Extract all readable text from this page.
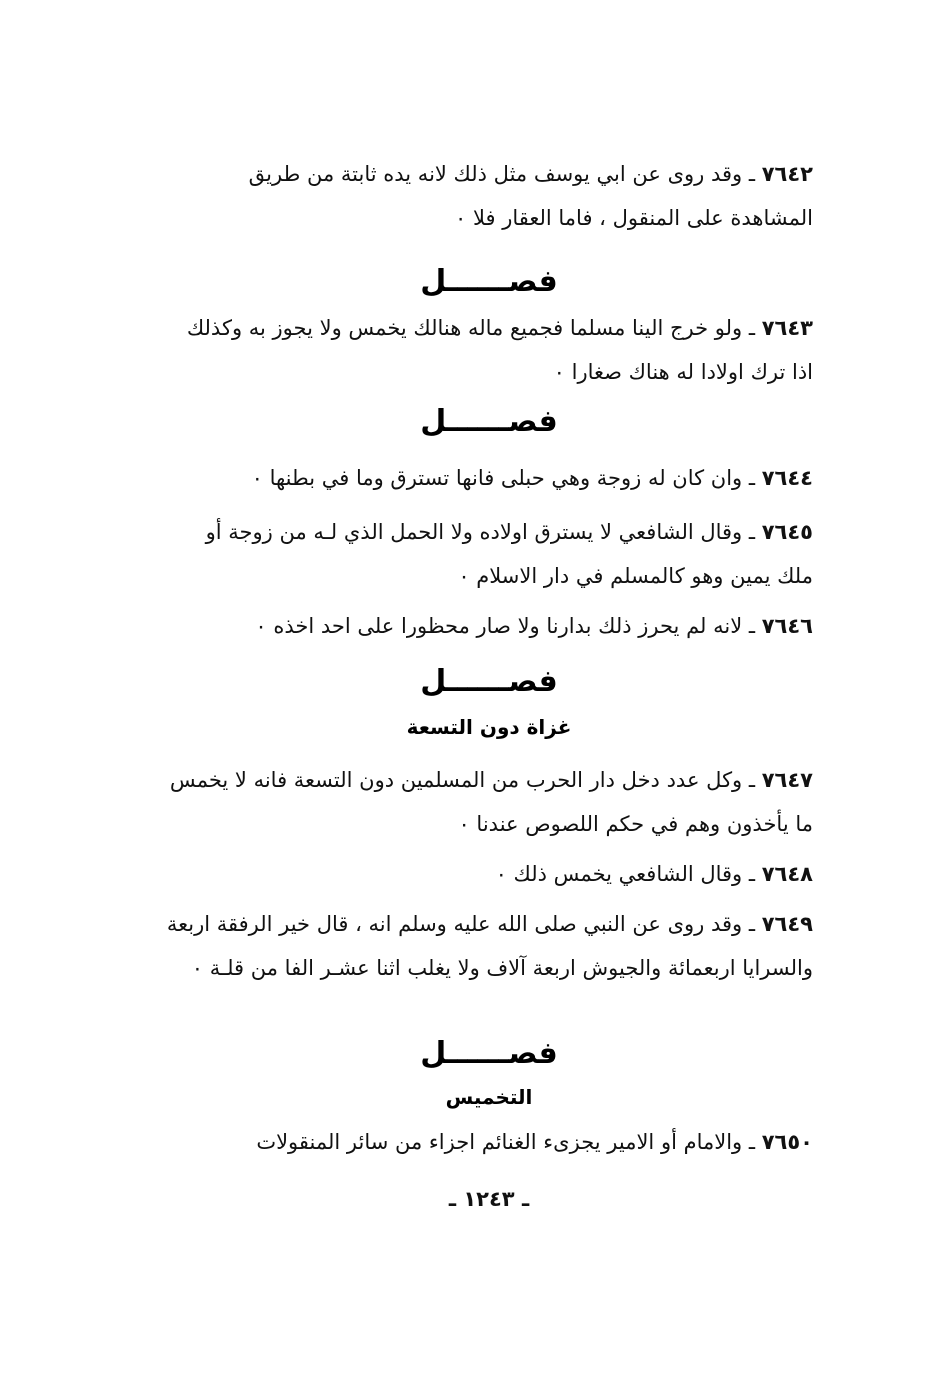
٧٦٤٢ ـ وقد روى عن ابي يوسف مثل ذلك لانه يده ثابتة من طريق المشاهدة على المنقول ، فاما العقار فلا ٠

فصــــــل

٧٦٤٣ ـ ولو خرج الينا مسلما فجميع ماله هنالك يخمس ولا يجوز به وكذلك اذا ترك اولادا له هناك صغارا ٠

فصــــــل

٧٦٤٤ ـ وان كان له زوجة وهي حبلى فانها تسترق وما في بطنها ٠

٧٦٤٥ ـ وقال الشافعي لا يسترق اولاده ولا الحمل الذي لـه من زوجة أو ملك يمين وهو كالمسلم في دار الاسلام ٠

٧٦٤٦ ـ لانه لم يحرز ذلك بدارنا ولا صار محظورا على احد اخذه ٠

فصــــــل
غزاة دون التسعة

٧٦٤٧ ـ وكل عدد دخل دار الحرب من المسلمين دون التسعة فانه لا يخمس ما يأخذون وهم في حكم اللصوص عندنا ٠

٧٦٤٨ ـ وقال الشافعي يخمس ذلك ٠

٧٦٤٩ ـ وقد روى عن النبي صلى الله عليه وسلم انه ، قال خير الرفقة اربعة والسرايا اربعمائة والجيوش اربعة آلاف ولا يغلب اثنا عشـر الفا من قلـة ٠

فصــــــل
التخميس

٧٦٥٠ ـ والامام أو الامير يجزىء الغنائم اجزاء من سائر المنقولات

ـ ١٢٤٣ ـ
